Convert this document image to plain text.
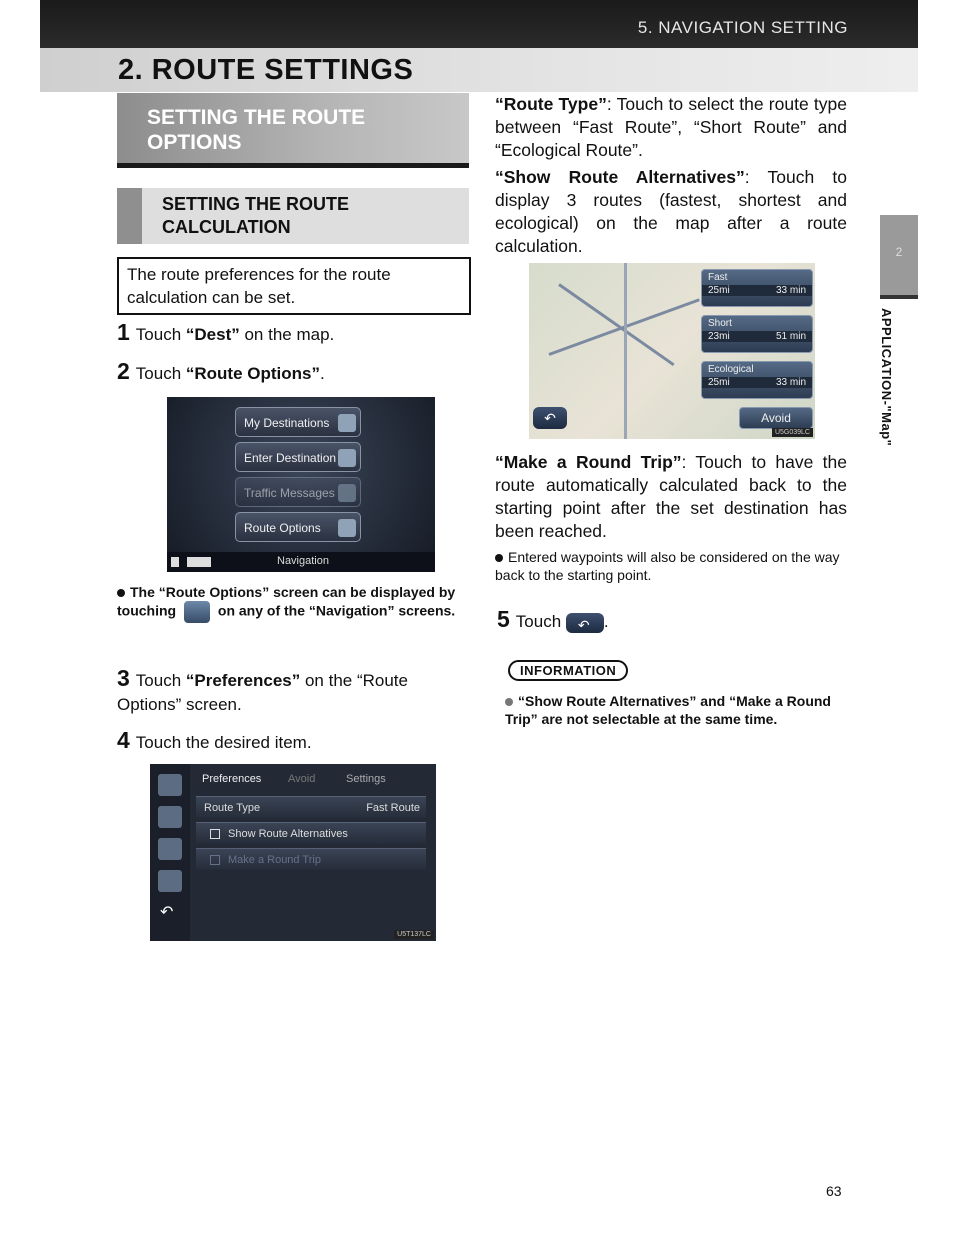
5. NAVIGATION SETTING
2. ROUTE SETTINGS
2
APPLICATION-"Map"
SETTING THE ROUTE OPTIONS
SETTING THE ROUTE CALCULATION
The route preferences for the route calculation can be set.
1 Touch “Dest” on the map.
2 Touch “Route Options”.
My Destinations
Enter Destination
Traffic Messages
Route Options
Navigation
The “Route Options” screen can be displayed by touching	on any of the “Navigation” screens.
3 Touch “Preferences” on the “Route Options” screen.
4 Touch the desired item.
↶
Preferences Avoid	Settings
Route Type	Fast Route
Show Route Alternatives
Make a Round Trip
U5T137LC
“Route Type”: Touch to select the route type between “Fast Route”, “Short Route” and “Ecological Route”.
“Show Route Alternatives”: Touch to display 3 routes (fastest, shortest and ecological) on the map after a route calculation.
Fast
25mi	33 min
Short
23mi	51 min
Ecological
25mi	33 min
Avoid
↶
U5G039LC
“Make a Round Trip”: Touch to have the route automatically calculated back to the starting point after the set destination has been reached.
Entered waypoints will also be considered on the way back to the starting point.
5 Touch ↶	.
INFORMATION
“Show Route Alternatives” and “Make a Round Trip” are not selectable at the same time.
63
